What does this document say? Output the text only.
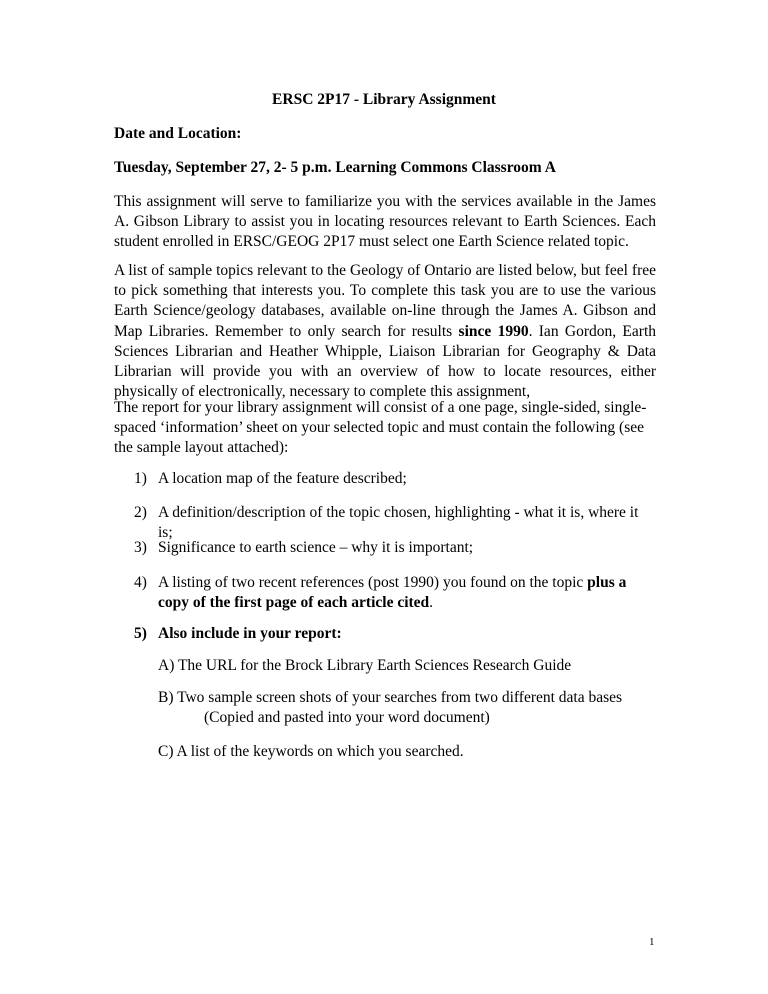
ERSC 2P17 - Library Assignment

Date and Location:

Tuesday, September 27, 2- 5 p.m. Learning Commons Classroom A

This assignment will serve to familiarize you with the services available in the James A. Gibson Library to assist you in locating resources relevant to Earth Sciences. Each student enrolled in ERSC/GEOG 2P17 must select one Earth Science related topic.

A list of sample topics relevant to the Geology of Ontario are listed below, but feel free to pick something that interests you. To complete this task you are to use the various Earth Science/geology databases, available on-line through the James A. Gibson and Map Libraries. Remember to only search for results since 1990. Ian Gordon, Earth Sciences Librarian and Heather Whipple, Liaison Librarian for Geography & Data Librarian will provide you with an overview of how to locate resources, either physically of electronically, necessary to complete this assignment,

The report for your library assignment will consist of a one page, single-sided, single-spaced ‘information’ sheet on your selected topic and must contain the following (see the sample layout attached):

1) A location map of the feature described;
2) A definition/description of the topic chosen, highlighting - what it is, where it is;
3) Significance to earth science – why it is important;
4) A listing of two recent references (post 1990) you found on the topic plus a copy of the first page of each article cited.
5) Also include in your report:
A) The URL for the Brock Library Earth Sciences Research Guide
B) Two sample screen shots of your searches from two different data bases
(Copied and pasted into your word document)
C) A list of the keywords on which you searched.
1
